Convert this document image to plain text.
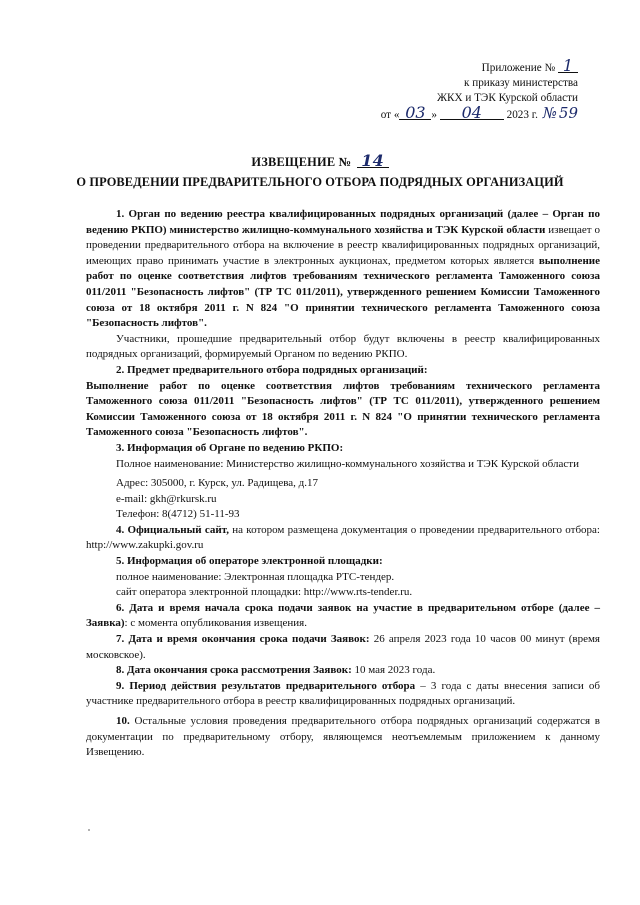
Приложение № 1
к приказу министерства
ЖКХ и ТЭК Курской области
от « 03 » 04 2023 г. № 59
ИЗВЕЩЕНИЕ № 14
О ПРОВЕДЕНИИ ПРЕДВАРИТЕЛЬНОГО ОТБОРА ПОДРЯДНЫХ ОРГАНИЗАЦИЙ

1. Орган по ведению реестра квалифицированных подрядных организаций (далее – Орган по ведению РКПО) министерство жилищно-коммунального хозяйства и ТЭК Курской области извещает о проведении предварительного отбора на включение в реестр квалифицированных подрядных организаций, имеющих право принимать участие в электронных аукционах, предметом которых является выполнение работ по оценке соответствия лифтов требованиям технического регламента Таможенного союза 011/2011 "Безопасность лифтов" (ТР ТС 011/2011), утвержденного решением Комиссии Таможенного союза от 18 октября 2011 г. N 824 "О принятии технического регламента Таможенного союза "Безопасность лифтов".

Участники, прошедшие предварительный отбор будут включены в реестр квалифицированных подрядных организаций, формируемый Органом по ведению РКПО.

2. Предмет предварительного отбора подрядных организаций:

Выполнение работ по оценке соответствия лифтов требованиям технического регламента Таможенного союза 011/2011 "Безопасность лифтов" (ТР ТС 011/2011), утвержденного решением Комиссии Таможенного союза от 18 октября 2011 г. N 824 "О принятии технического регламента Таможенного союза "Безопасность лифтов".

3. Информация об Органе по ведению РКПО:

Полное наименование: Министерство жилищно-коммунального хозяйства и ТЭК Курской области

Адрес: 305000, г. Курск, ул. Радищева, д.17

e-mail: gkh@rkursk.ru

Телефон: 8(4712) 51-11-93

4. Официальный сайт, на котором размещена документация о проведении предварительного отбора: http://www.zakupki.gov.ru

5. Информация об операторе электронной площадки:

полное наименование: Электронная площадка РТС-тендер.

сайт оператора электронной площадки: http://www.rts-tender.ru.

6. Дата и время начала срока подачи заявок на участие в предварительном отборе (далее – Заявка): с момента опубликования извещения.

7. Дата и время окончания срока подачи Заявок: 26 апреля 2023 года 10 часов 00 минут (время московское).

8. Дата окончания срока рассмотрения Заявок: 10 мая 2023 года.

9. Период действия результатов предварительного отбора – 3 года с даты внесения записи об участнике предварительного отбора в реестр квалифицированных подрядных организаций.

10. Остальные условия проведения предварительного отбора подрядных организаций содержатся в документации по предварительному отбору, являющемся неотъемлемым приложением к данному Извещению.
